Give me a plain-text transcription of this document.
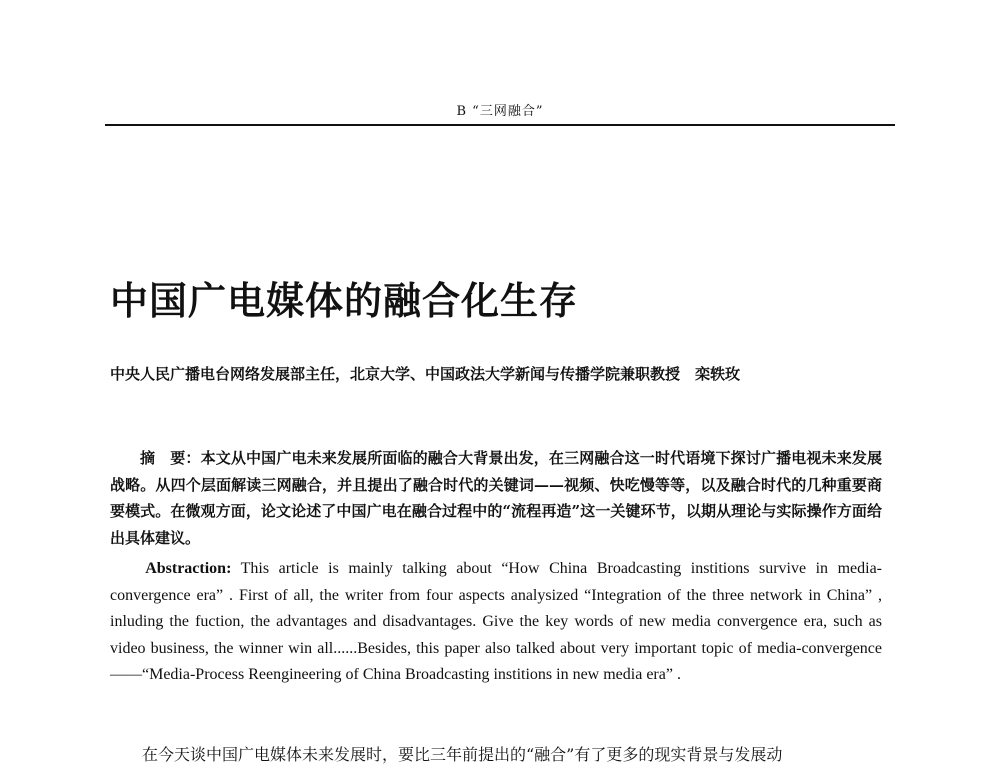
B “三网融合”
中国广电媒体的融合化生存
中央人民广播电台网络发展部主任，北京大学、中国政法大学新闻与传播学院兼职教授　栾轶玫

摘　要：本文从中国广电未来发展所面临的融合大背景出发，在三网融合这一时代语境下探讨广播电视未来发展战略。从四个层面解读三网融合，并且提出了融合时代的关键词——视频、快吃慢等等，以及融合时代的几种重要商要模式。在微观方面，论文论述了中国广电在融合过程中的“流程再造”这一关键环节，以期从理论与实际操作方面给出具体建议。

Abstraction: This article is mainly talking about “How China Broadcasting institions survive in media-convergence era” . First of all, the writer from four aspects analysized “Integration of the three network in China” , inluding the fuction, the advantages and disadvantages. Give the key words of new media convergence era, such as video business, the winner win all......Besides, this paper also talked about very important topic of media-convergence——“Media-Process Reengineering of China Broadcasting institions in new media era” .

在今天谈中国广电媒体未来发展时，要比三年前提出的“融合”有了更多的现实背景与发展动
